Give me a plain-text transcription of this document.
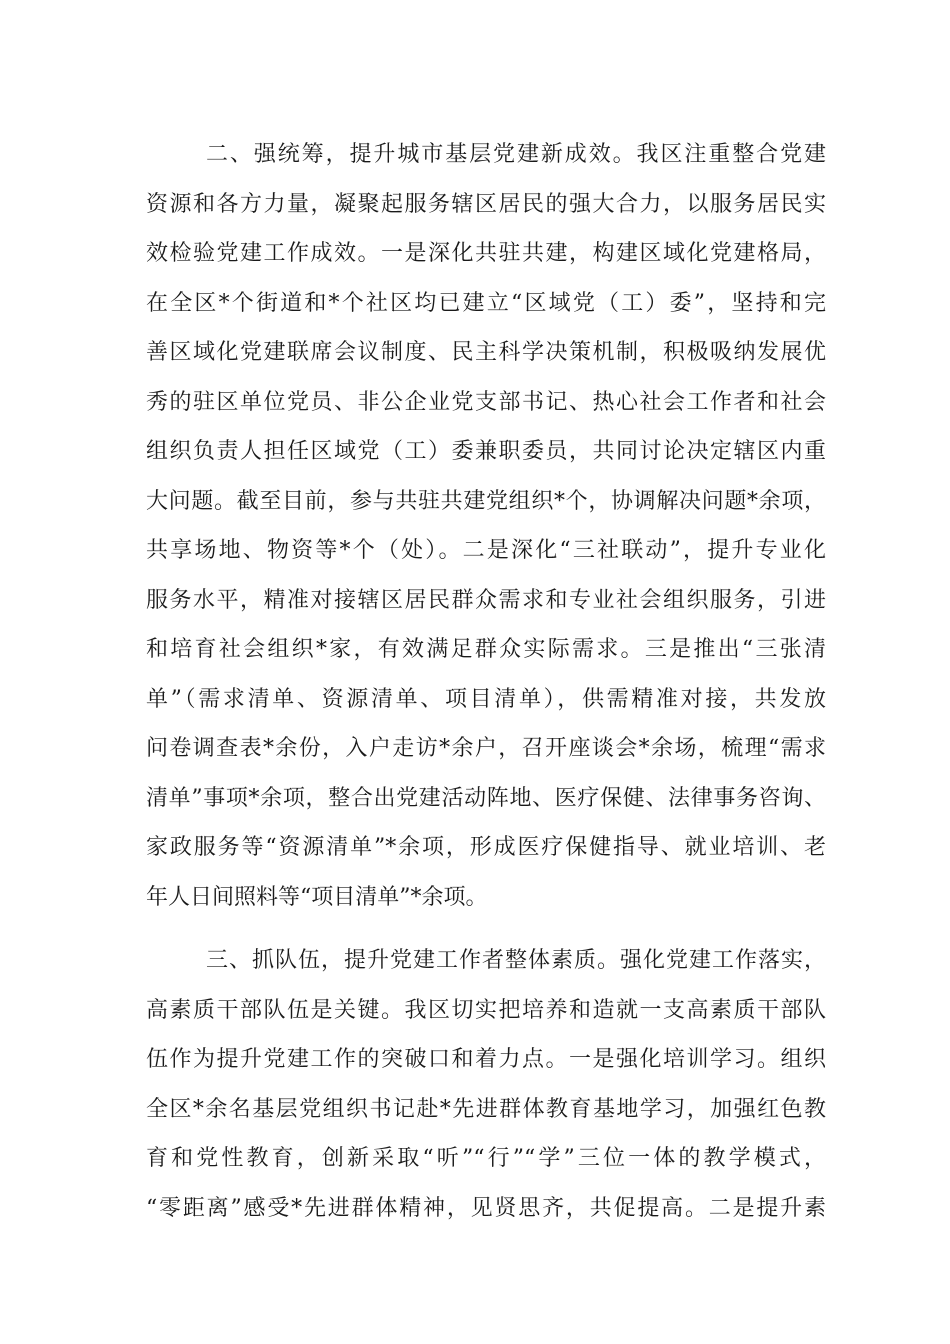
二、强统筹，提升城市基层党建新成效。我区注重整合党建
资源和各方力量，凝聚起服务辖区居民的强大合力，以服务居民实
效检验党建工作成效。一是深化共驻共建，构建区域化党建格局，
在全区*个街道和*个社区均已建立“区域党（工）委”，坚持和完
善区域化党建联席会议制度、民主科学决策机制，积极吸纳发展优
秀的驻区单位党员、非公企业党支部书记、热心社会工作者和社会
组织负责人担任区域党（工）委兼职委员，共同讨论决定辖区内重
大问题。截至目前，参与共驻共建党组织*个，协调解决问题*余项，
共享场地、物资等*个（处）。二是深化“三社联动”，提升专业化
服务水平，精准对接辖区居民群众需求和专业社会组织服务，引进
和培育社会组织*家，有效满足群众实际需求。三是推出“三张清
单”（需求清单、资源清单、项目清单），供需精准对接，共发放
问卷调查表*余份，入户走访*余户，召开座谈会*余场，梳理“需求
清单”事项*余项，整合出党建活动阵地、医疗保健、法律事务咨询、
家政服务等“资源清单”*余项，形成医疗保健指导、就业培训、老
年人日间照料等“项目清单”*余项。
三、抓队伍，提升党建工作者整体素质。强化党建工作落实，
高素质干部队伍是关键。我区切实把培养和造就一支高素质干部队
伍作为提升党建工作的突破口和着力点。一是强化培训学习。组织
全区*余名基层党组织书记赴*先进群体教育基地学习，加强红色教
育和党性教育，创新采取“听”“行”“学”三位一体的教学模式，
“零距离”感受*先进群体精神，见贤思齐，共促提高。二是提升素
